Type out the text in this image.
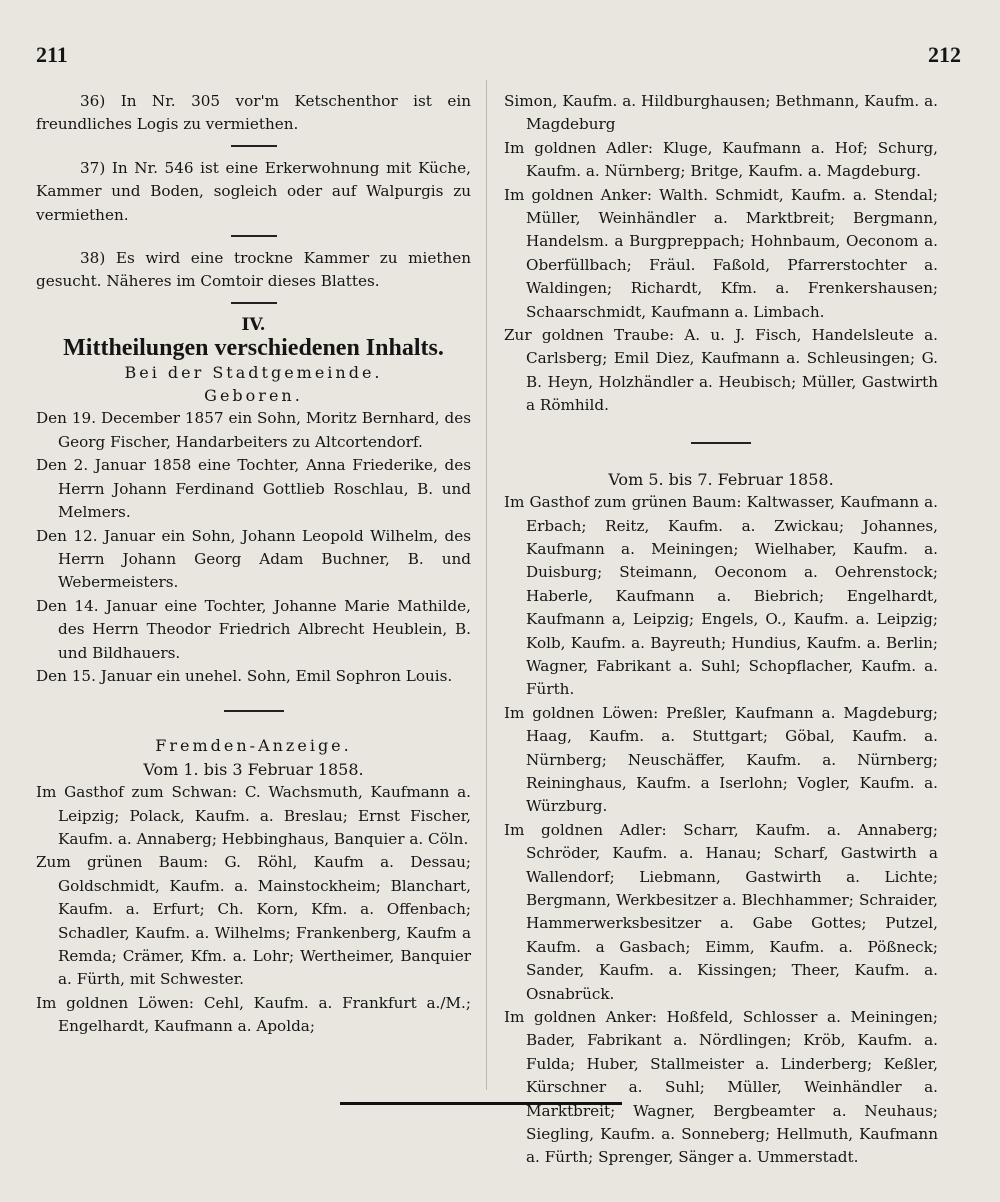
211	212

36) In Nr. 305 vor'm Ketschenthor ist ein freundliches Logis zu vermiethen.

37) In Nr. 546 ist eine Erkerwohnung mit Küche, Kammer und Boden, sogleich oder auf Walpurgis zu vermiethen.

38) Es wird eine trockne Kammer zu miethen gesucht. Näheres im Comtoir dieses Blattes.

IV.

Mittheilungen verschiedenen Inhalts.

Bei der Stadtgemeinde.

Geboren.

Den 19. December 1857 ein Sohn, Moritz Bernhard, des Georg Fischer, Handarbeiters zu Altcortendorf.

Den 2. Januar 1858 eine Tochter, Anna Friederike, des Herrn Johann Ferdinand Gottlieb Roschlau, B. und Melmers.

Den 12. Januar ein Sohn, Johann Leopold Wilhelm, des Herrn Johann Georg Adam Buchner, B. und Webermeisters.

Den 14. Januar eine Tochter, Johanne Marie Mathilde, des Herrn Theodor Friedrich Albrecht Heublein, B. und Bildhauers.

Den 15. Januar ein unehel. Sohn, Emil Sophron Louis.

Fremden-Anzeige.

Vom 1. bis 3 Februar 1858.

Im Gasthof zum Schwan: C. Wachsmuth, Kaufmann a. Leipzig; Polack, Kaufm. a. Breslau; Ernst Fischer, Kaufm. a. Annaberg; Hebbinghaus, Banquier a. Cöln.

Zum grünen Baum: G. Röhl, Kaufm a. Dessau; Goldschmidt, Kaufm. a. Mainstockheim; Blanchart, Kaufm. a. Erfurt; Ch. Korn, Kfm. a. Offenbach; Schadler, Kaufm. a. Wilhelms; Frankenberg, Kaufm a Remda; Crämer, Kfm. a. Lohr; Wertheimer, Banquier a. Fürth, mit Schwester.

Im goldnen Löwen: Cehl, Kaufm. a. Frankfurt a./M.; Engelhardt, Kaufmann a. Apolda;

Simon, Kaufm. a. Hildburghausen; Bethmann, Kaufm. a. Magdeburg

Im goldnen Adler: Kluge, Kaufmann a. Hof; Schurg, Kaufm. a. Nürnberg; Britge, Kaufm. a. Magdeburg.

Im goldnen Anker: Walth. Schmidt, Kaufm. a. Stendal; Müller, Weinhändler a. Marktbreit; Bergmann, Handelsm. a Burgpreppach; Hohnbaum, Oeconom a. Oberfüllbach; Fräul. Faßold, Pfarrerstochter a. Waldingen; Richardt, Kfm. a. Frenkershausen; Schaarschmidt, Kaufmann a. Limbach.

Zur goldnen Traube: A. u. J. Fisch, Handelsleute a. Carlsberg; Emil Diez, Kaufmann a. Schleusingen; G. B. Heyn, Holzhändler a. Heubisch; Müller, Gastwirth a Römhild.

Vom 5. bis 7. Februar 1858.

Im Gasthof zum grünen Baum: Kaltwasser, Kaufmann a. Erbach; Reitz, Kaufm. a. Zwickau; Johannes, Kaufmann a. Meiningen; Wielhaber, Kaufm. a. Duisburg; Steimann, Oeconom a. Oehrenstock; Haberle, Kaufmann a. Biebrich; Engelhardt, Kaufmann a, Leipzig; Engels, O., Kaufm. a. Leipzig; Kolb, Kaufm. a. Bayreuth; Hundius, Kaufm. a. Berlin; Wagner, Fabrikant a. Suhl; Schopflacher, Kaufm. a. Fürth.

Im goldnen Löwen: Preßler, Kaufmann a. Magdeburg; Haag, Kaufm. a. Stuttgart; Göbal, Kaufm. a. Nürnberg; Neuschäffer, Kaufm. a. Nürnberg; Reininghaus, Kaufm. a Iserlohn; Vogler, Kaufm. a. Würzburg.

Im goldnen Adler: Scharr, Kaufm. a. Annaberg; Schröder, Kaufm. a. Hanau; Scharf, Gastwirth a Wallendorf; Liebmann, Gastwirth a. Lichte; Bergmann, Werkbesitzer a. Blechhammer; Schraider, Hammerwerksbesitzer a. Gabe Gottes; Putzel, Kaufm. a Gasbach; Eimm, Kaufm. a. Pößneck; Sander, Kaufm. a. Kissingen; Theer, Kaufm. a. Osnabrück.

Im goldnen Anker: Hoßfeld, Schlosser a. Meiningen; Bader, Fabrikant a. Nördlingen; Kröb, Kaufm. a. Fulda; Huber, Stallmeister a. Linderberg; Keßler, Kürschner a. Suhl; Müller, Weinhändler a. Marktbreit; Wagner, Bergbeamter a. Neuhaus; Siegling, Kaufm. a. Sonneberg; Hellmuth, Kaufmann a. Fürth; Sprenger, Sänger a. Ummerstadt.
